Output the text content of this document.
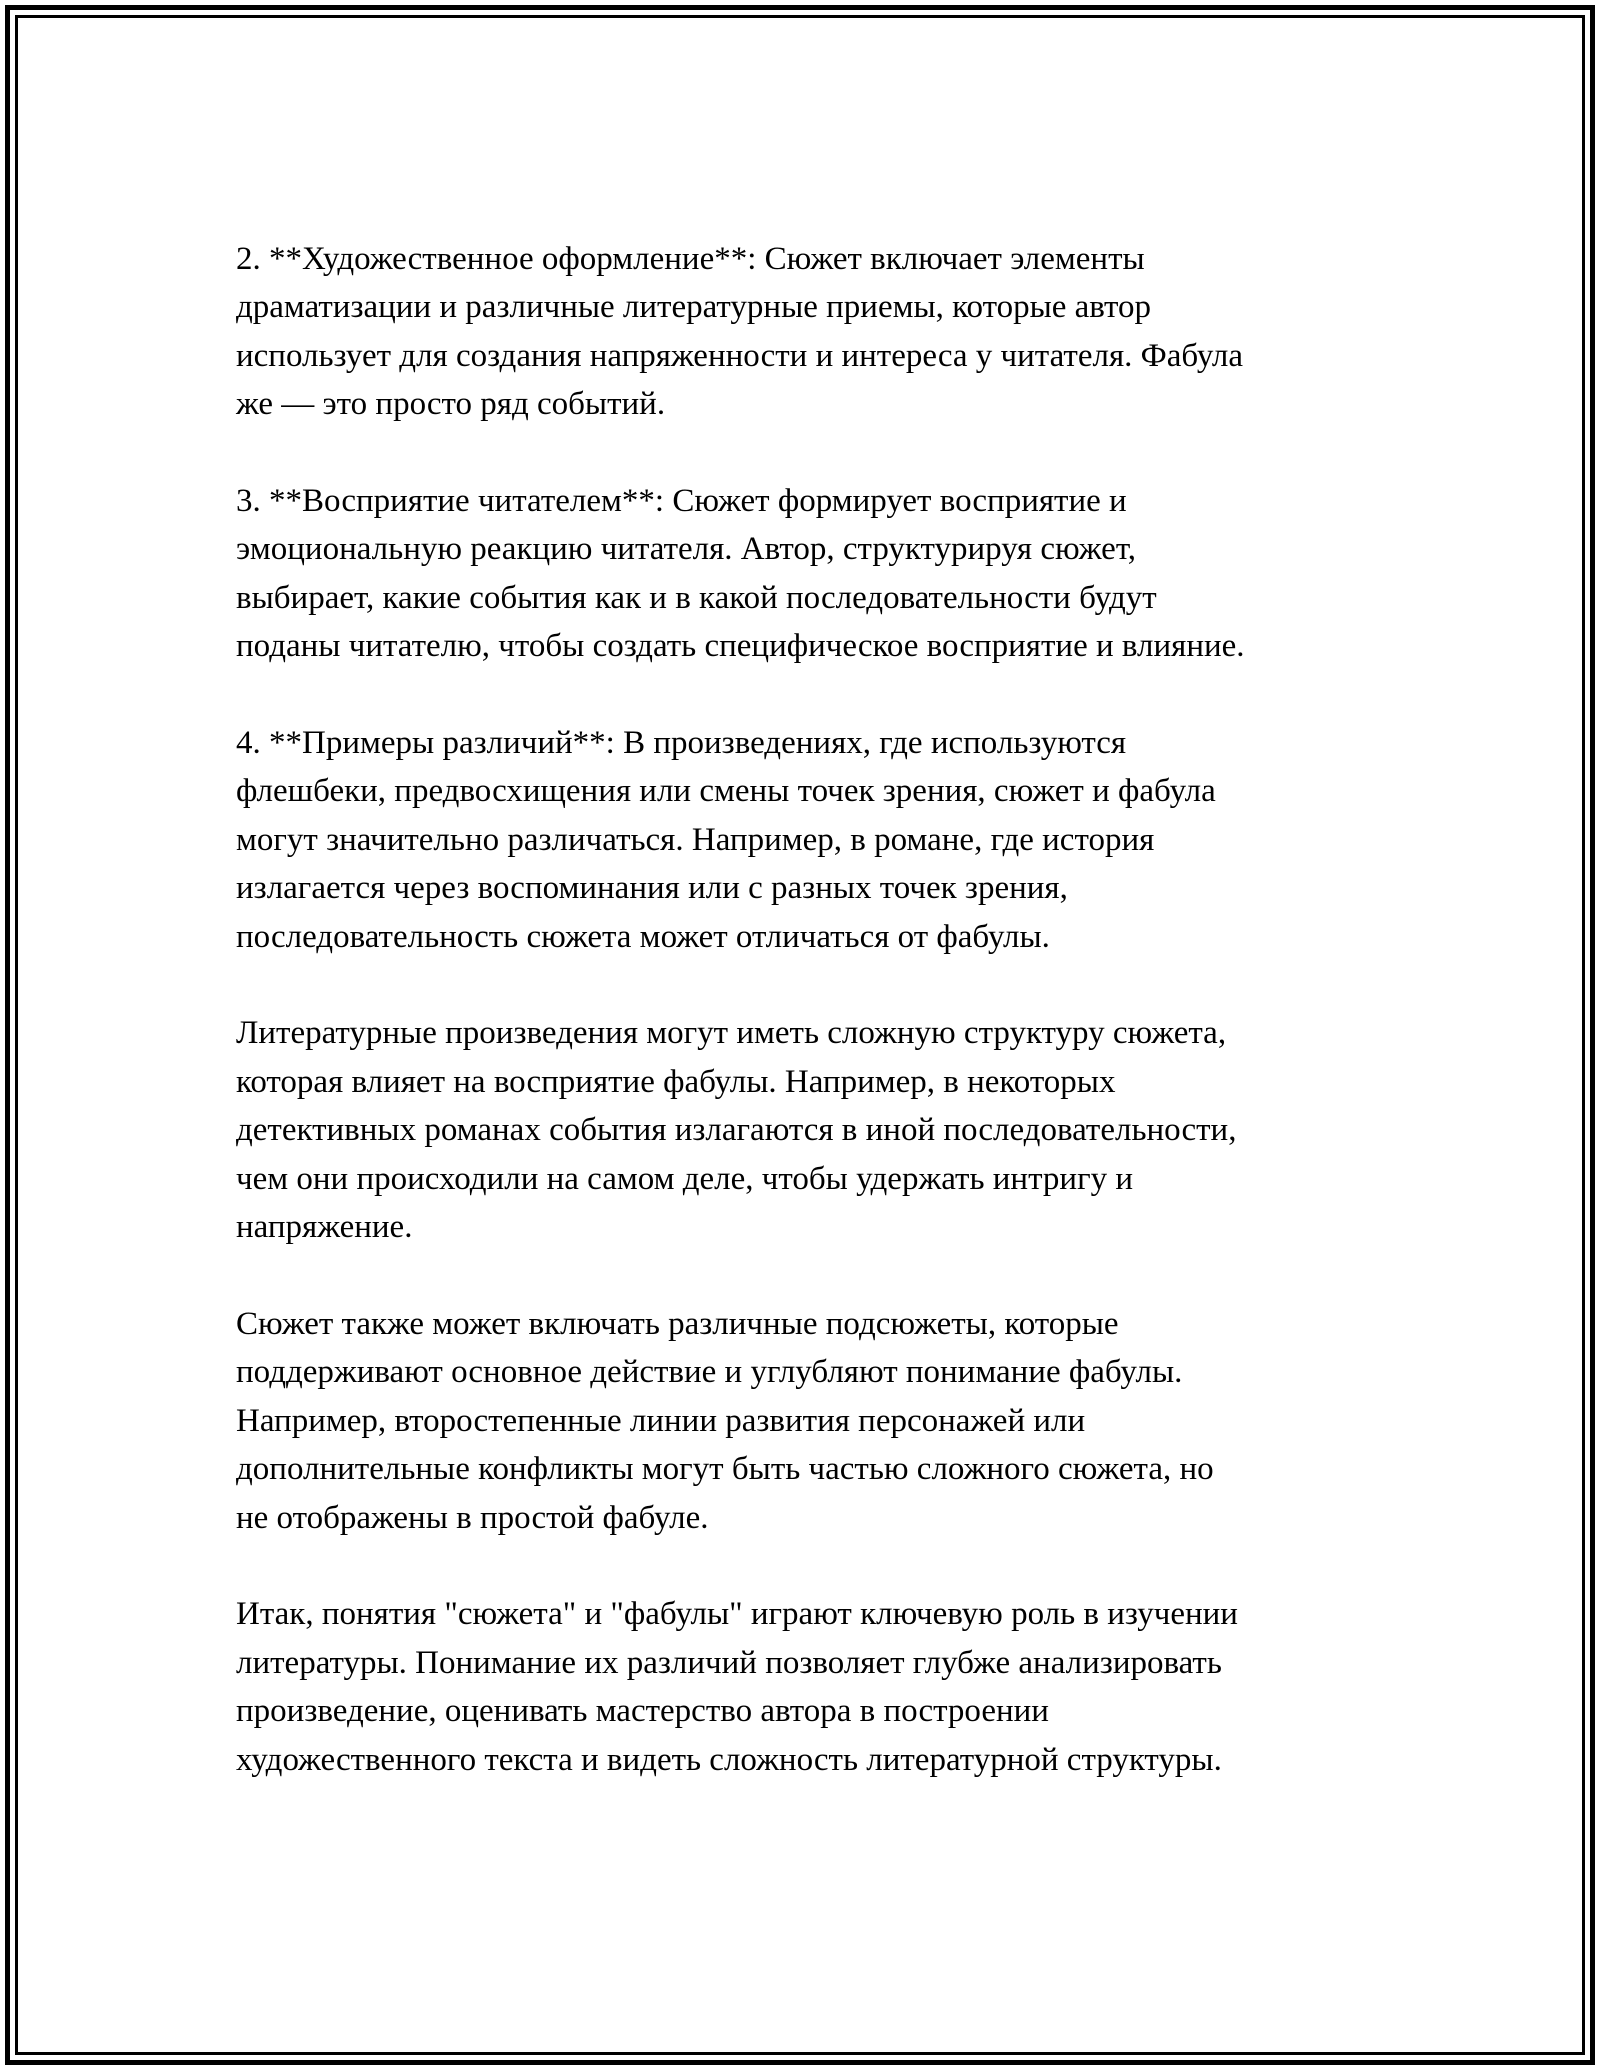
2. **Художественное оформление**: Сюжет включает элементы
драматизации и различные литературные приемы, которые автор
использует для создания напряженности и интереса у читателя. Фабула
же — это просто ряд событий.

3. **Восприятие читателем**: Сюжет формирует восприятие и
эмоциональную реакцию читателя. Автор, структурируя сюжет,
выбирает, какие события как и в какой последовательности будут
поданы читателю, чтобы создать специфическое восприятие и влияние.

4. **Примеры различий**: В произведениях, где используются
флешбеки, предвосхищения или смены точек зрения, сюжет и фабула
могут значительно различаться. Например, в романе, где история
излагается через воспоминания или с разных точек зрения,
последовательность сюжета может отличаться от фабулы.

Литературные произведения могут иметь сложную структуру сюжета,
которая влияет на восприятие фабулы. Например, в некоторых
детективных романах события излагаются в иной последовательности,
чем они происходили на самом деле, чтобы удержать интригу и
напряжение.

Сюжет также может включать различные подсюжеты, которые
поддерживают основное действие и углубляют понимание фабулы.
Например, второстепенные линии развития персонажей или
дополнительные конфликты могут быть частью сложного сюжета, но
не отображены в простой фабуле.

Итак, понятия "сюжета" и "фабулы" играют ключевую роль в изучении
литературы. Понимание их различий позволяет глубже анализировать
произведение, оценивать мастерство автора в построении
художественного текста и видеть сложность литературной структуры.
